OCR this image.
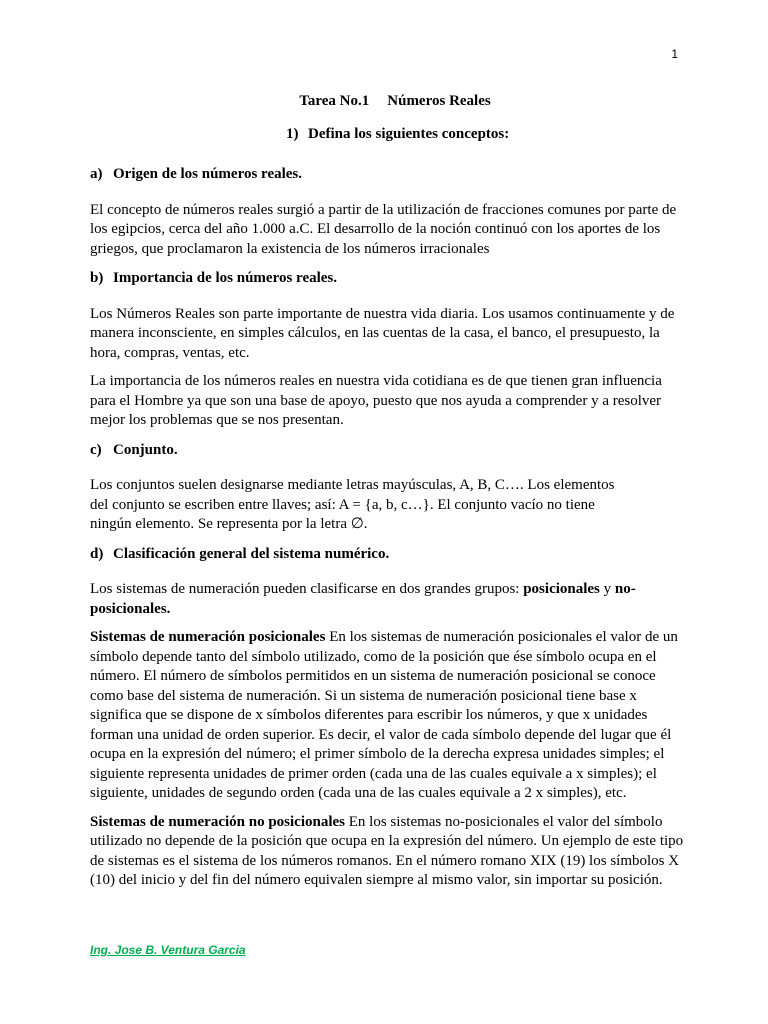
1
Tarea No.1 Números Reales
1) Defina los siguientes conceptos:
a) Origen de los números reales.

El concepto de números reales surgió a partir de la utilización de fracciones comunes por parte de los egipcios, cerca del año 1.000 a.C. El desarrollo de la noción continuó con los aportes de los griegos, que proclamaron la existencia de los números irracionales

b) Importancia de los números reales.

Los Números Reales son parte importante de nuestra vida diaria. Los usamos continuamente y de manera inconsciente, en simples cálculos, en las cuentas de la casa, el banco, el presupuesto, la hora, compras, ventas, etc.

La importancia de los números reales en nuestra vida cotidiana es de que tienen gran influencia para el Hombre ya que son una base de apoyo, puesto que nos ayuda a comprender y a resolver mejor los problemas que se nos presentan.

c) Conjunto.

Los conjuntos suelen designarse mediante letras mayúsculas, A, B, C…. Los elementos del conjunto se escriben entre llaves; así: A = {a, b, c…}. El conjunto vacío no tiene ningún elemento. Se representa por la letra ∅.

d) Clasificación general del sistema numérico.

Los sistemas de numeración pueden clasificarse en dos grandes grupos: posicionales y no-posicionales.

Sistemas de numeración posicionales En los sistemas de numeración posicionales el valor de un símbolo depende tanto del símbolo utilizado, como de la posición que ése símbolo ocupa en el número. El número de símbolos permitidos en un sistema de numeración posicional se conoce como base del sistema de numeración. Si un sistema de numeración posicional tiene base x significa que se dispone de x símbolos diferentes para escribir los números, y que x unidades forman una unidad de orden superior. Es decir, el valor de cada símbolo depende del lugar que él ocupa en la expresión del número; el primer símbolo de la derecha expresa unidades simples; el siguiente representa unidades de primer orden (cada una de las cuales equivale a x simples); el siguiente, unidades de segundo orden (cada una de las cuales equivale a 2 x simples), etc.

Sistemas de numeración no posicionales En los sistemas no-posicionales el valor del símbolo utilizado no depende de la posición que ocupa en la expresión del número. Un ejemplo de este tipo de sistemas es el sistema de los números romanos. En el número romano XIX (19) los símbolos X (10) del inicio y del fin del número equivalen siempre al mismo valor, sin importar su posición.

Ing. Jose B. Ventura Garcia
